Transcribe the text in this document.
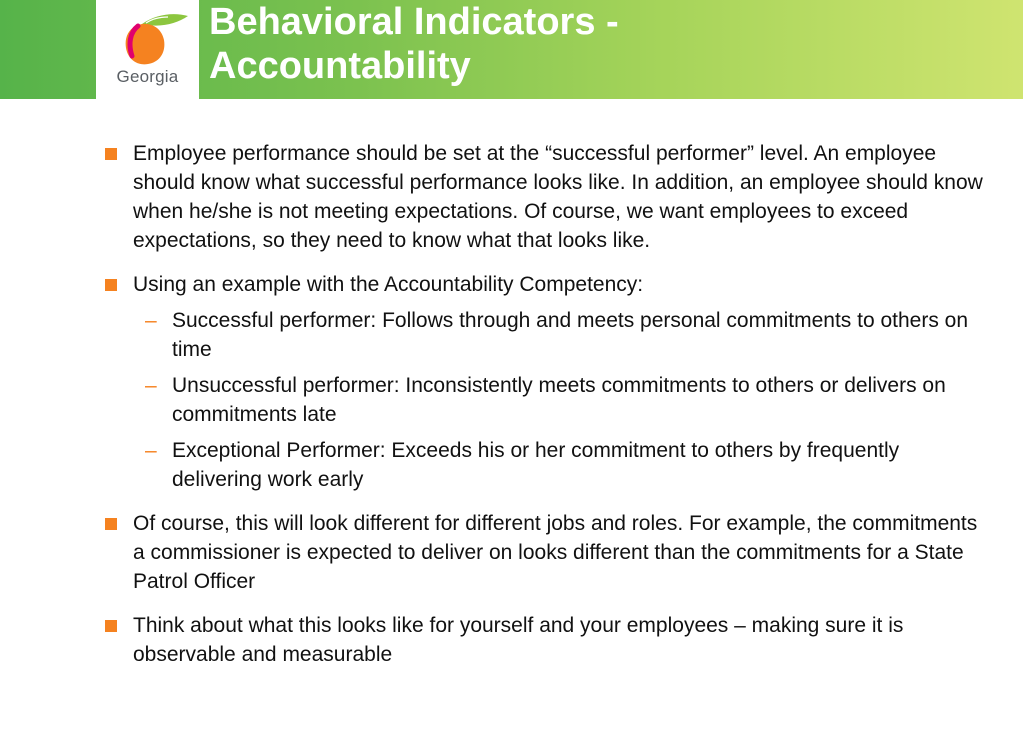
Georgia
Behavioral Indicators -
Accountability
Employee performance should be set at the “successful performer” level. An employee should know what successful performance looks like. In addition, an employee should know when he/she is not meeting expectations. Of course, we want employees to exceed expectations, so they need to know what that looks like.
Using an example with the Accountability Competency:
– Successful performer: Follows through and meets personal commitments to others on time
– Unsuccessful performer: Inconsistently meets commitments to others or delivers on commitments late
– Exceptional Performer: Exceeds his or her commitment to others by frequently delivering work early
Of course, this will look different for different jobs and roles. For example, the commitments a commissioner is expected to deliver on looks different than the commitments for a State Patrol Officer
Think about what this looks like for yourself and your employees – making sure it is observable and measurable
